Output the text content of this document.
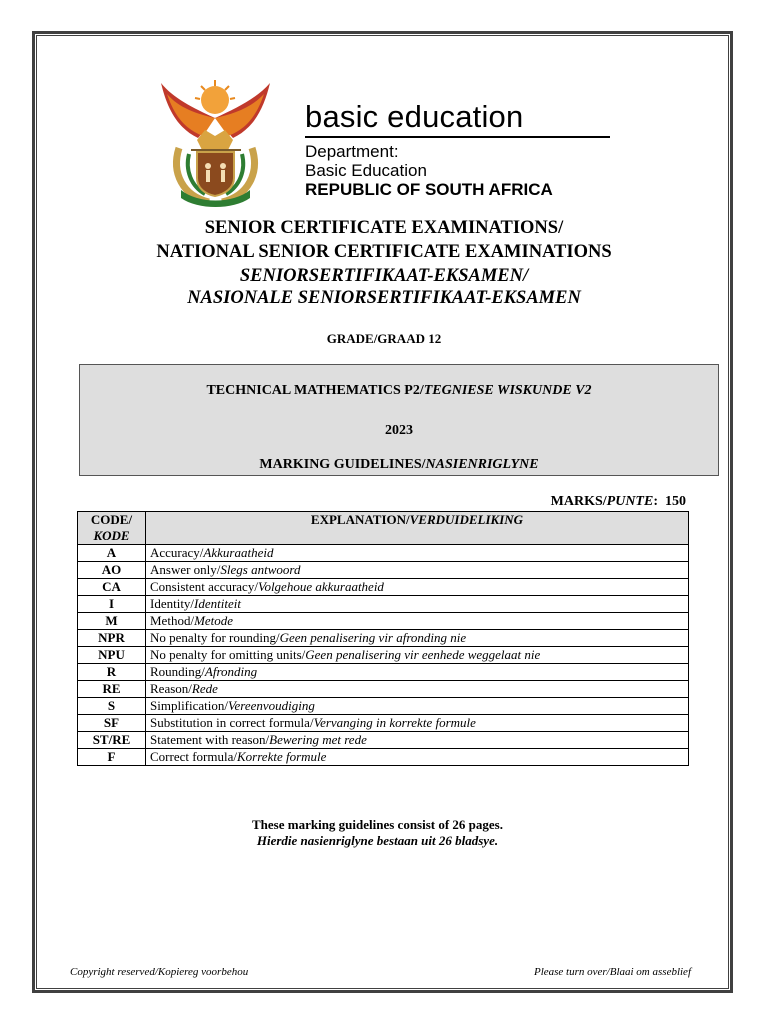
basic education
Department:
Basic Education
REPUBLIC OF SOUTH AFRICA
SENIOR CERTIFICATE EXAMINATIONS/
NATIONAL SENIOR CERTIFICATE EXAMINATIONS
SENIORSERTIFIKAAT-EKSAMEN/
NASIONALE SENIORSERTIFIKAAT-EKSAMEN
GRADE/GRAAD 12
TECHNICAL MATHEMATICS P2/TEGNIESE WISKUNDE V2
2023
MARKING GUIDELINES/NASIENRIGLYNE
MARKS/PUNTE:  150
CODE/
KODE	EXPLANATION/VERDUIDELIKING
A	Accuracy/Akkuraatheid
AO	Answer only/Slegs antwoord
CA	Consistent accuracy/Volgehoue akkuraatheid
I	Identity/Identiteit
M	Method/Metode
NPR	No penalty for rounding/Geen penalisering vir afronding nie
NPU	No penalty for omitting units/Geen penalisering vir eenhede weggelaat nie
R	Rounding/Afronding
RE	Reason/Rede
S	Simplification/Vereenvoudiging
SF	Substitution in correct formula/Vervanging in korrekte formule
ST/RE	Statement with reason/Bewering met rede
F	Correct formula/Korrekte formule
These marking guidelines consist of 26 pages.
Hierdie nasienriglyne bestaan uit 26 bladsye.
Copyright reserved/Kopiereg voorbehou	Please turn over/Blaai om asseblief
